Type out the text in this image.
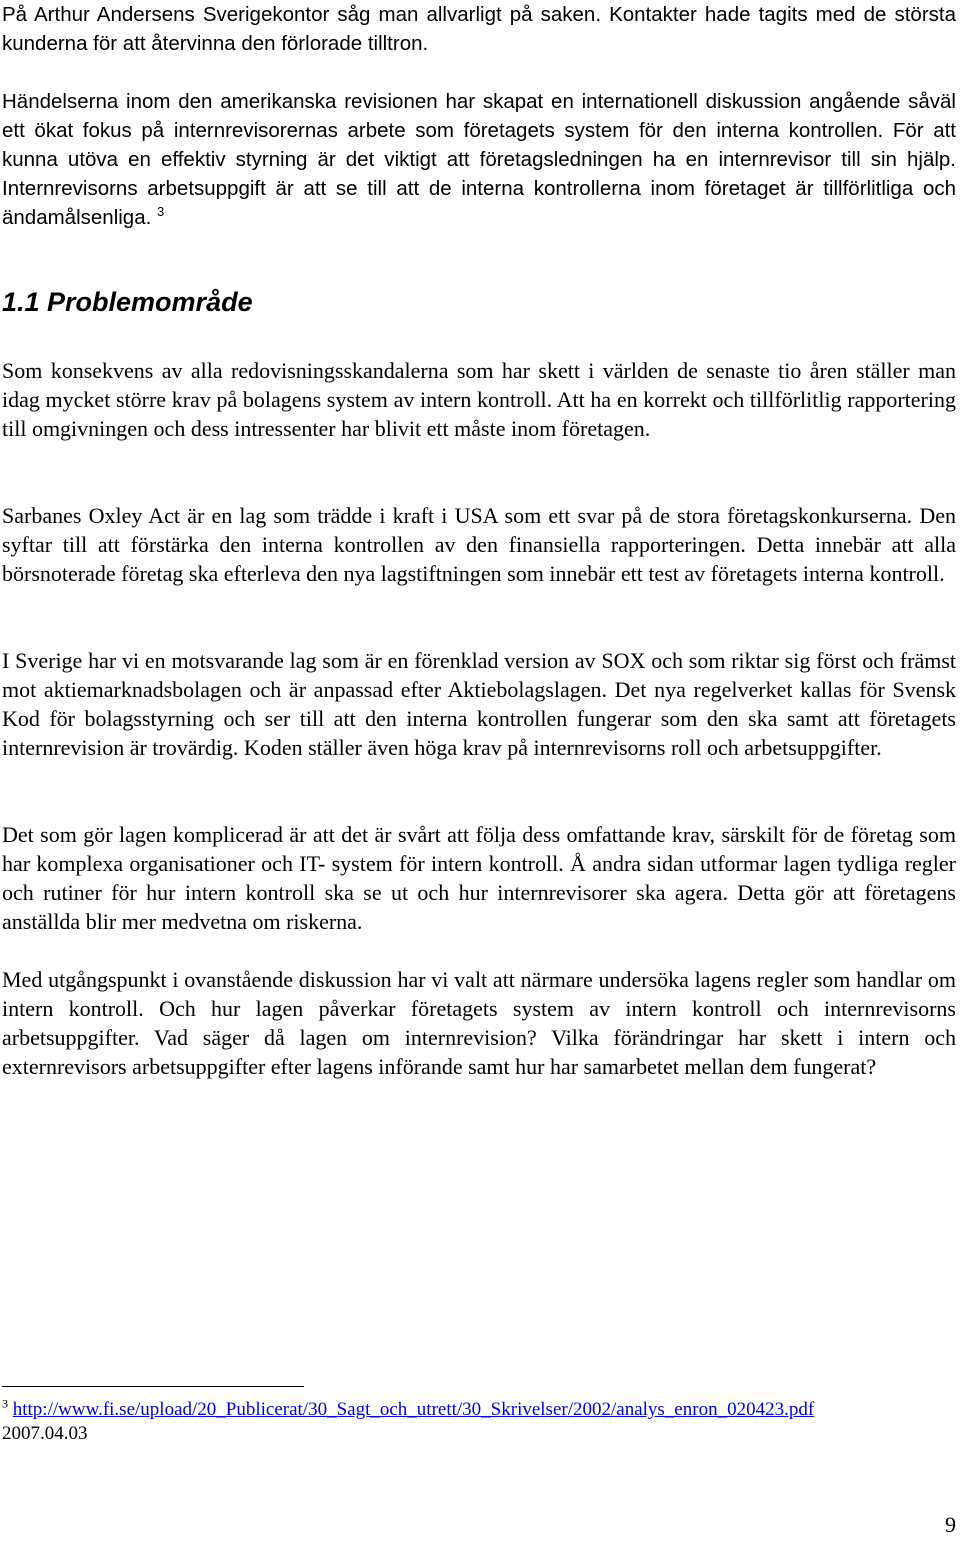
På Arthur Andersens Sverigekontor såg man allvarligt på saken. Kontakter hade tagits med de största kunderna för att återvinna den förlorade tilltron.

Händelserna inom den amerikanska revisionen har skapat en internationell diskussion angående såväl ett ökat fokus på internrevisorernas arbete som företagets system för den interna kontrollen. För att kunna utöva en effektiv styrning är det viktigt att företagsledningen ha en internrevisor till sin hjälp. Internrevisorns arbetsuppgift är att se till att de interna kontrollerna inom företaget är tillförlitliga och ändamålsenliga. $^3$

1.1 Problemområde

Som konsekvens av alla redovisningsskandalerna som har skett i världen de senaste tio åren ställer man idag mycket större krav på bolagens system av intern kontroll. Att ha en korrekt och tillförlitlig rapportering till omgivningen och dess intressenter har blivit ett måste inom företagen.

Sarbanes Oxley Act är en lag som trädde i kraft i USA som ett svar på de stora företagskonkurserna. Den syftar till att förstärka den interna kontrollen av den finansiella rapporteringen. Detta innebär att alla börsnoterade företag ska efterleva den nya lagstiftningen som innebär ett test av företagets interna kontroll.

I Sverige har vi en motsvarande lag som är en förenklad version av SOX och som riktar sig först och främst mot aktiemarknadsbolagen och är anpassad efter Aktiebolagslagen. Det nya regelverket kallas för Svensk Kod för bolagsstyrning och ser till att den interna kontrollen fungerar som den ska samt att företagets internrevision är trovärdig. Koden ställer även höga krav på internrevisorns roll och arbetsuppgifter.

Det som gör lagen komplicerad är att det är svårt att följa dess omfattande krav, särskilt för de företag som har komplexa organisationer och IT- system för intern kontroll. Å andra sidan utformar lagen tydliga regler och rutiner för hur intern kontroll ska se ut och hur internrevisorer ska agera. Detta gör att företagens anställda blir mer medvetna om riskerna.

Med utgångspunkt i ovanstående diskussion har vi valt att närmare undersöka lagens regler som handlar om intern kontroll. Och hur lagen påverkar företagets system av intern kontroll och internrevisorns arbetsuppgifter. Vad säger då lagen om internrevision? Vilka förändringar har skett i intern och externrevisors arbetsuppgifter efter lagens införande samt hur har samarbetet mellan dem fungerat?

$^3$ http://www.fi.se/upload/20_Publicerat/30_Sagt_och_utrett/30_Skrivelser/2002/analys_enron_020423.pdf
2007.04.03
9
